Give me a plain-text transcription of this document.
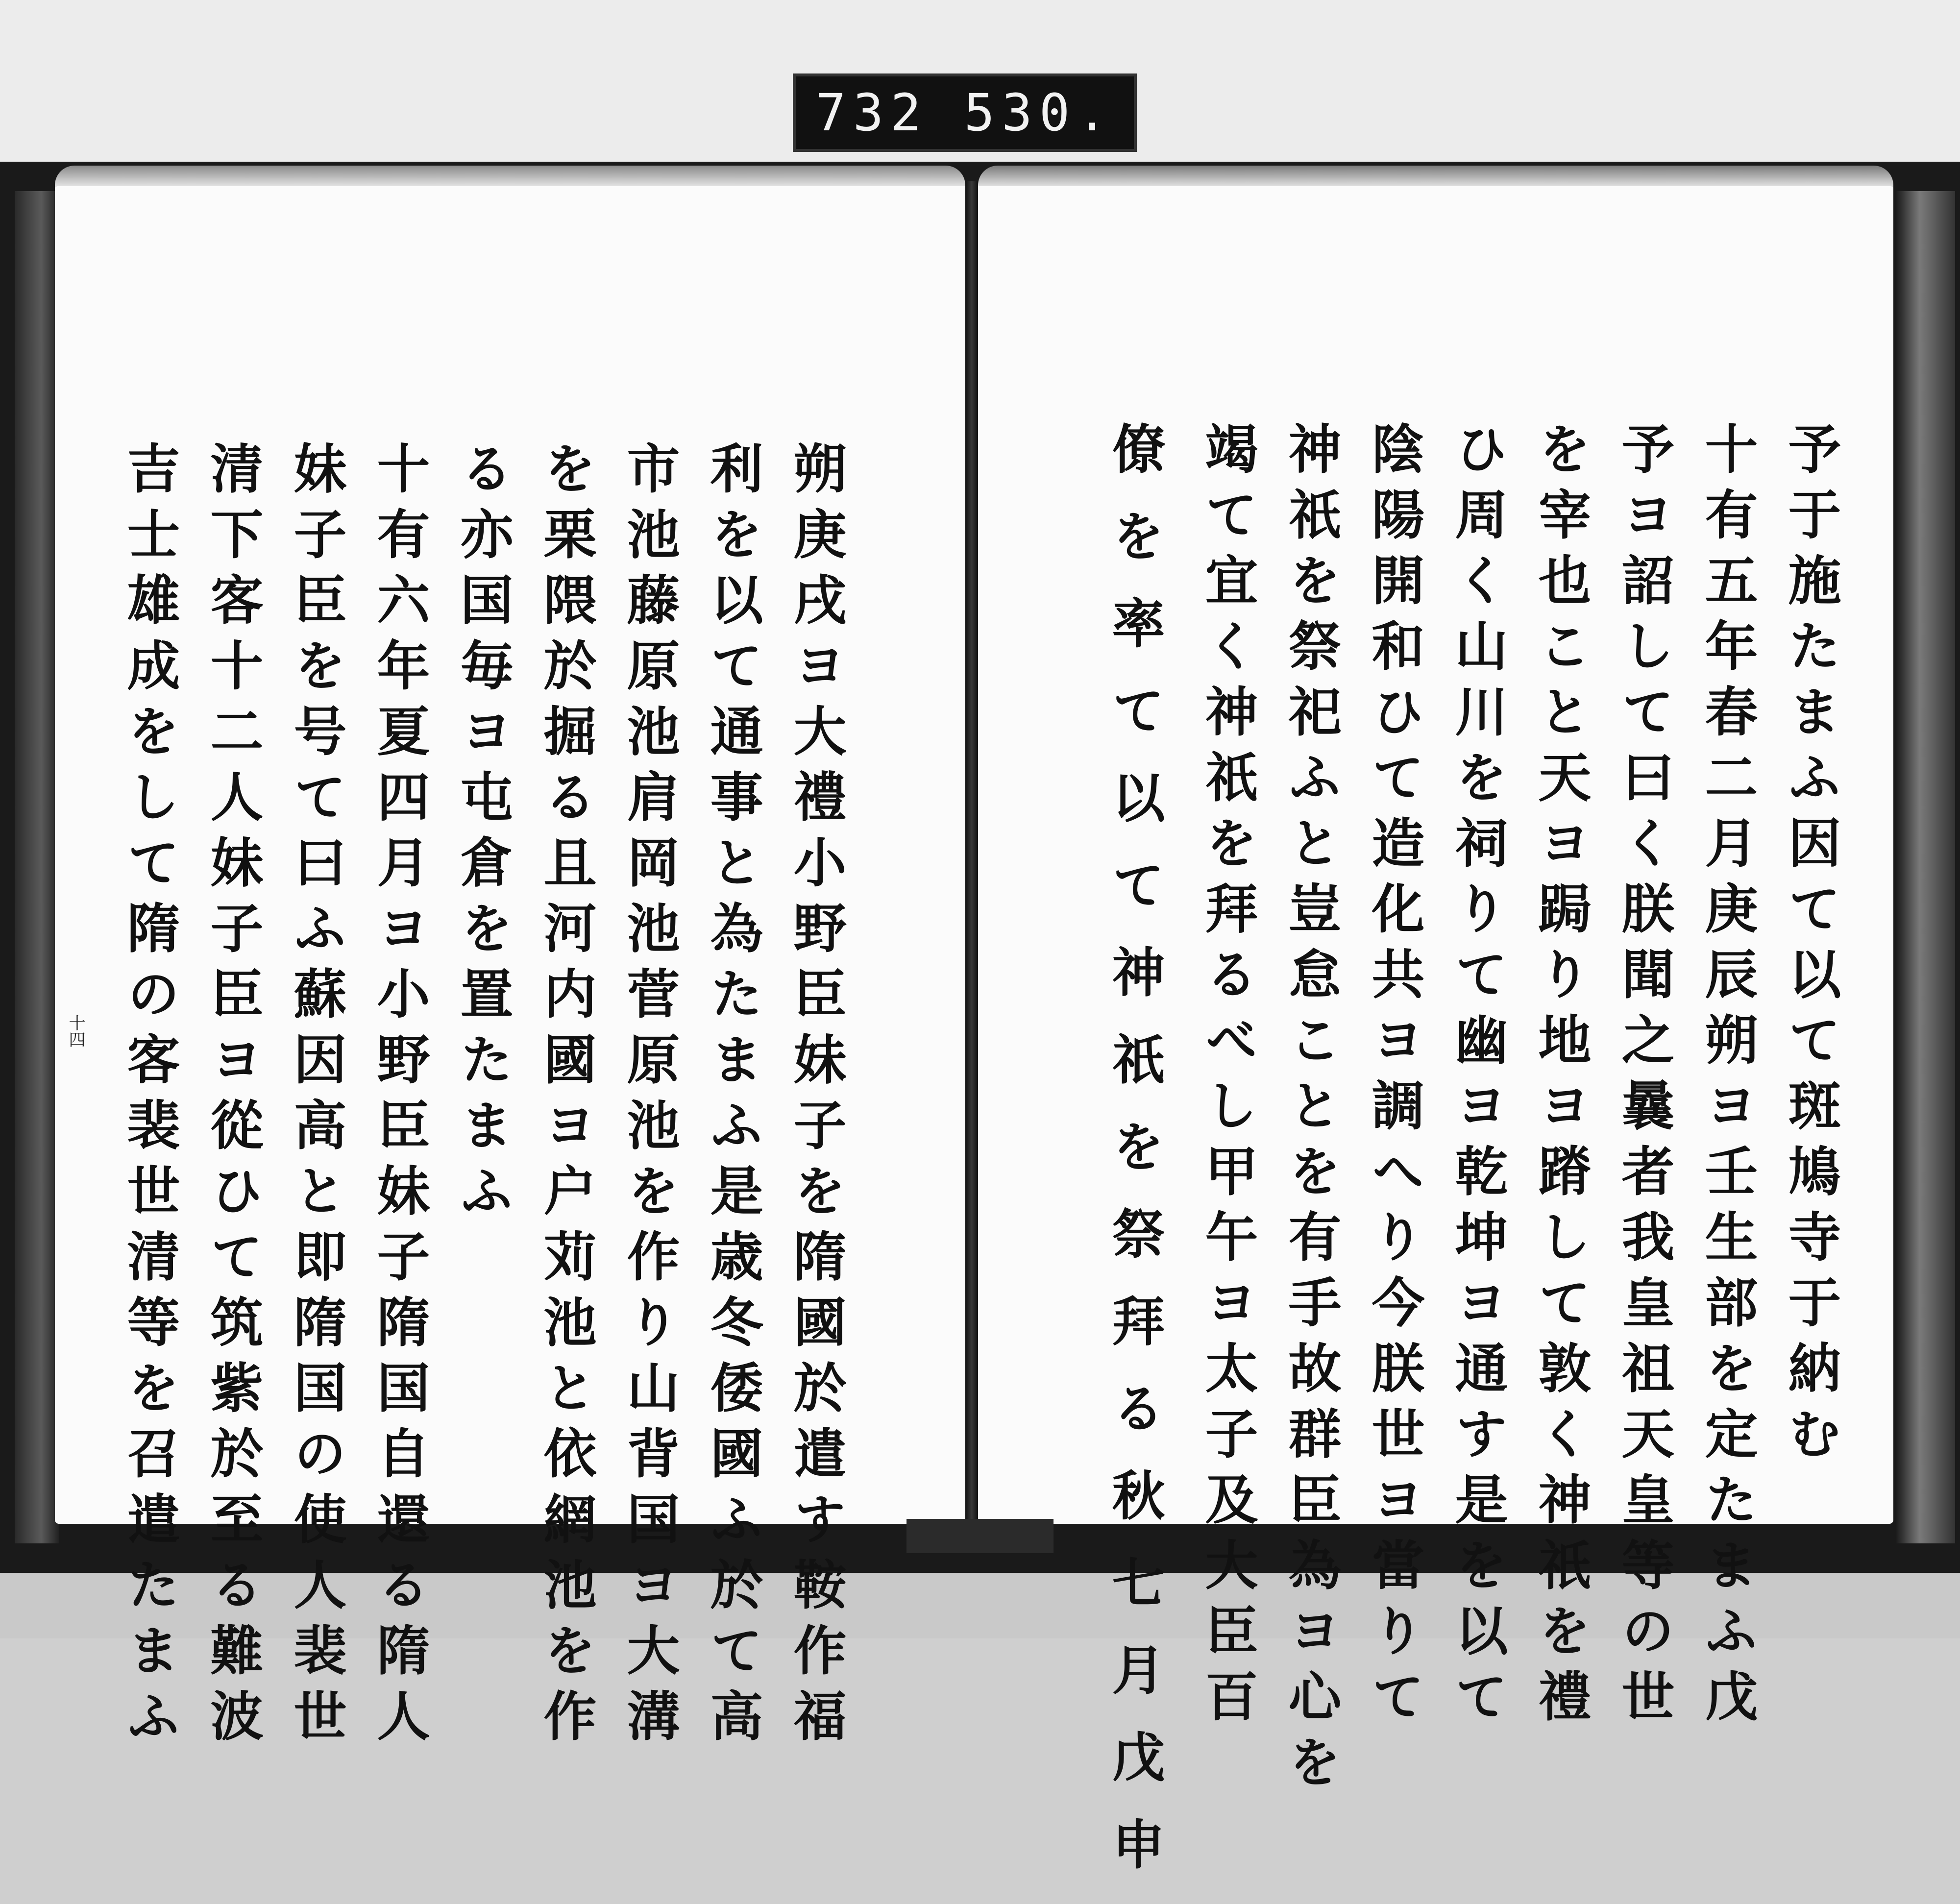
732 530.
予于施たまふ因て以て斑鳩寺于納む
十有五年春二月庚辰朔ヨ壬生部を定たまふ戊
予ヨ詔して曰く朕聞之曩者我皇祖天皇等の世
を宰也こと天ヨ跼り地ヨ蹐して敦く神祇を禮
ひ周く山川を祠りて幽ヨ乾坤ヨ通す是を以て
陰陽開和ひて造化共ヨ調へり今朕世ヨ當りて
神祇を祭祀ふと豈怠ことを有手故群臣為ヨ心を
竭て宜く神祇を拜るべし甲午ヨ太子及大臣百
僚を率て以て神祇を祭拜る秋七月戊申
朔庚戌ヨ大禮小野臣妹子を隋國於遣す鞍作福
利を以て通事と為たまふ是歳冬倭國ふ於て高
市池藤原池肩岡池菅原池を作り山背国ヨ大溝
を栗隈於掘る且河内國ヨ户苅池と依網池を作
る亦国毎ヨ屯倉を置たまふ
十有六年夏四月ヨ小野臣妹子隋国自還る隋人
妹子臣を号て曰ふ蘇因高と即隋国の使人裴世
清下客十二人妹子臣ヨ從ひて筑紫於至る難波
吉士雄成をして隋の客裴世清等を召遣たまふ
十四
